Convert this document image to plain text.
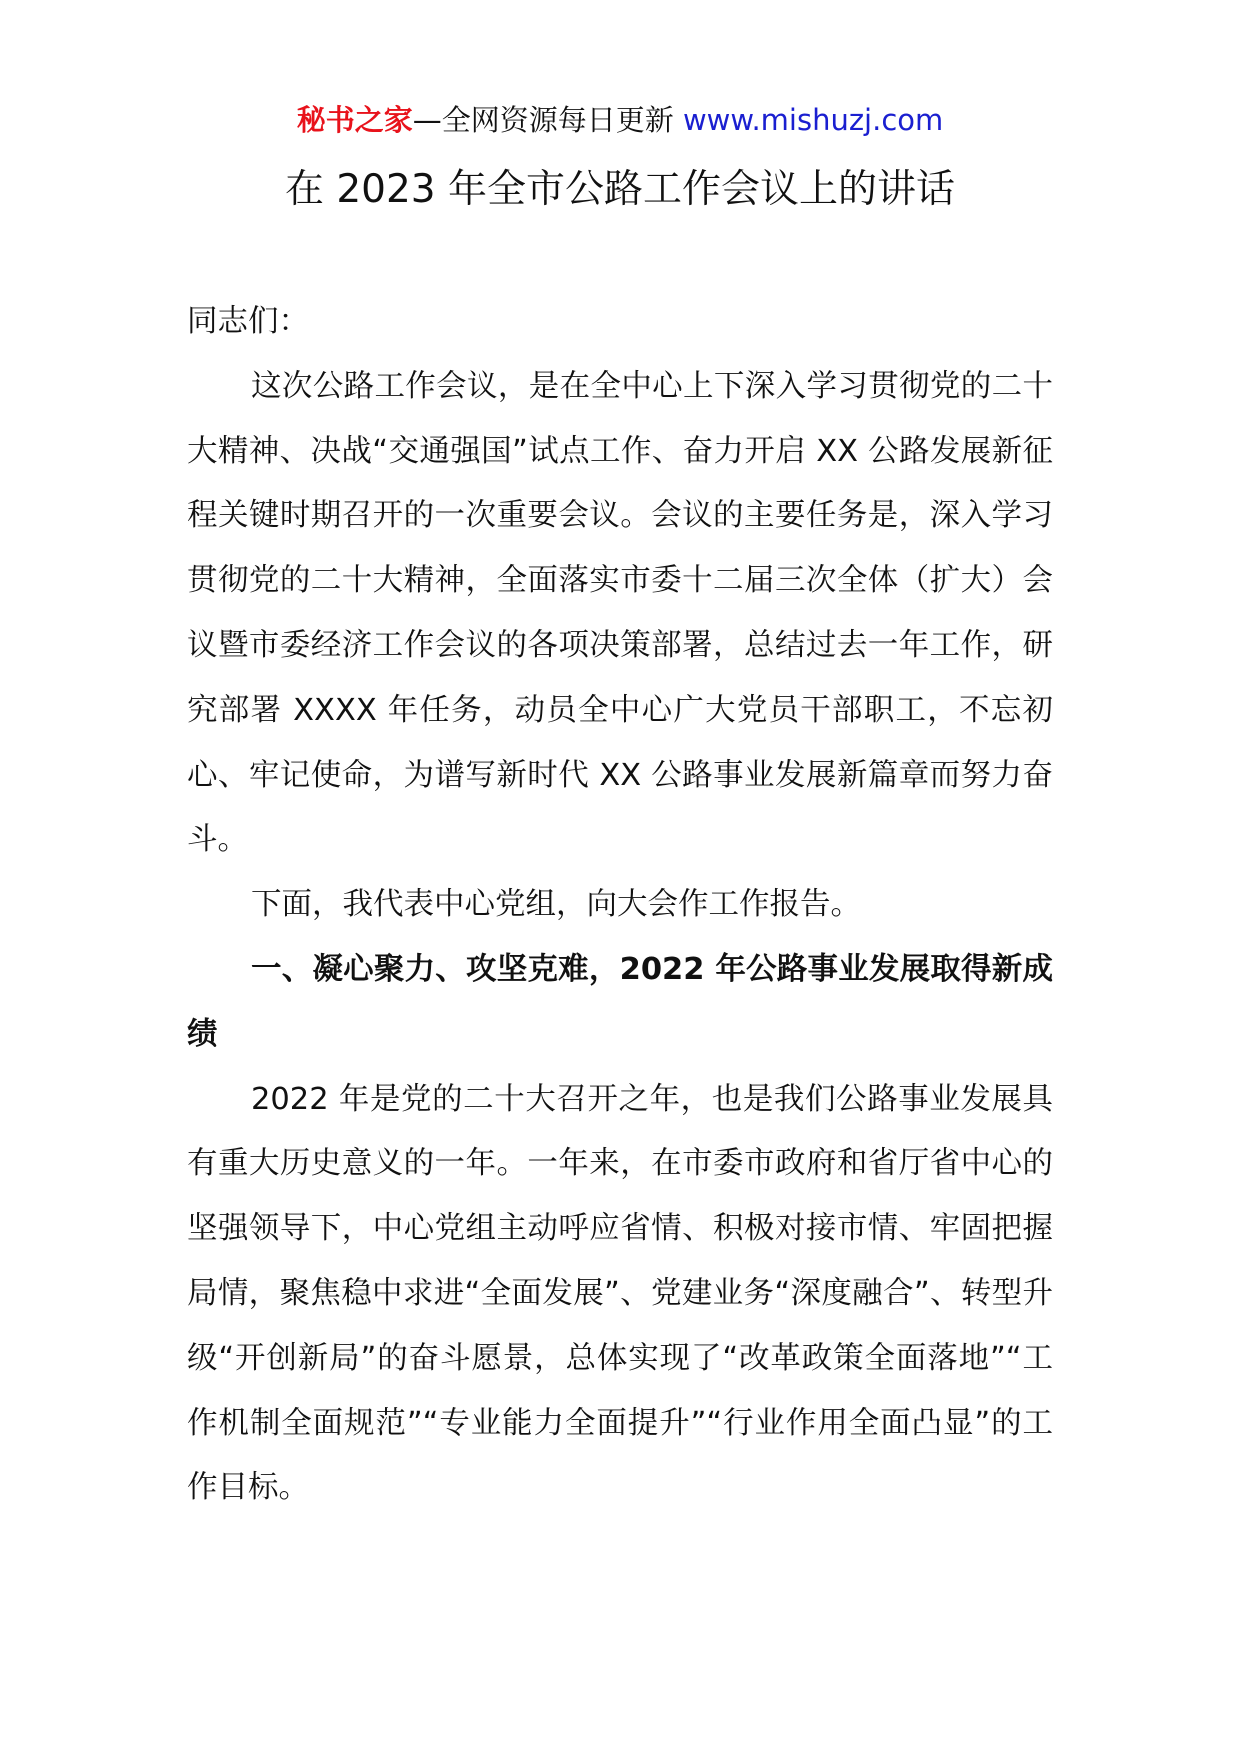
秘书之家—全网资源每日更新 www.mishuzj.com
在 2023 年全市公路工作会议上的讲话

同志们：

这次公路工作会议，是在全中心上下深入学习贯彻党的二十大精神、决战“交通强国”试点工作、奋力开启 XX 公路发展新征程关键时期召开的一次重要会议。会议的主要任务是，深入学习贯彻党的二十大精神，全面落实市委十二届三次全体（扩大）会议暨市委经济工作会议的各项决策部署，总结过去一年工作，研究部署 XXXX 年任务，动员全中心广大党员干部职工，不忘初心、牢记使命，为谱写新时代 XX 公路事业发展新篇章而努力奋斗。

下面，我代表中心党组，向大会作工作报告。

一、凝心聚力、攻坚克难，2022 年公路事业发展取得新成绩

2022 年是党的二十大召开之年，也是我们公路事业发展具有重大历史意义的一年。一年来，在市委市政府和省厅省中心的坚强领导下，中心党组主动呼应省情、积极对接市情、牢固把握局情，聚焦稳中求进“全面发展”、党建业务“深度融合”、转型升级“开创新局”的奋斗愿景，总体实现了“改革政策全面落地”“工作机制全面规范”“专业能力全面提升”“行业作用全面凸显”的工作目标。
